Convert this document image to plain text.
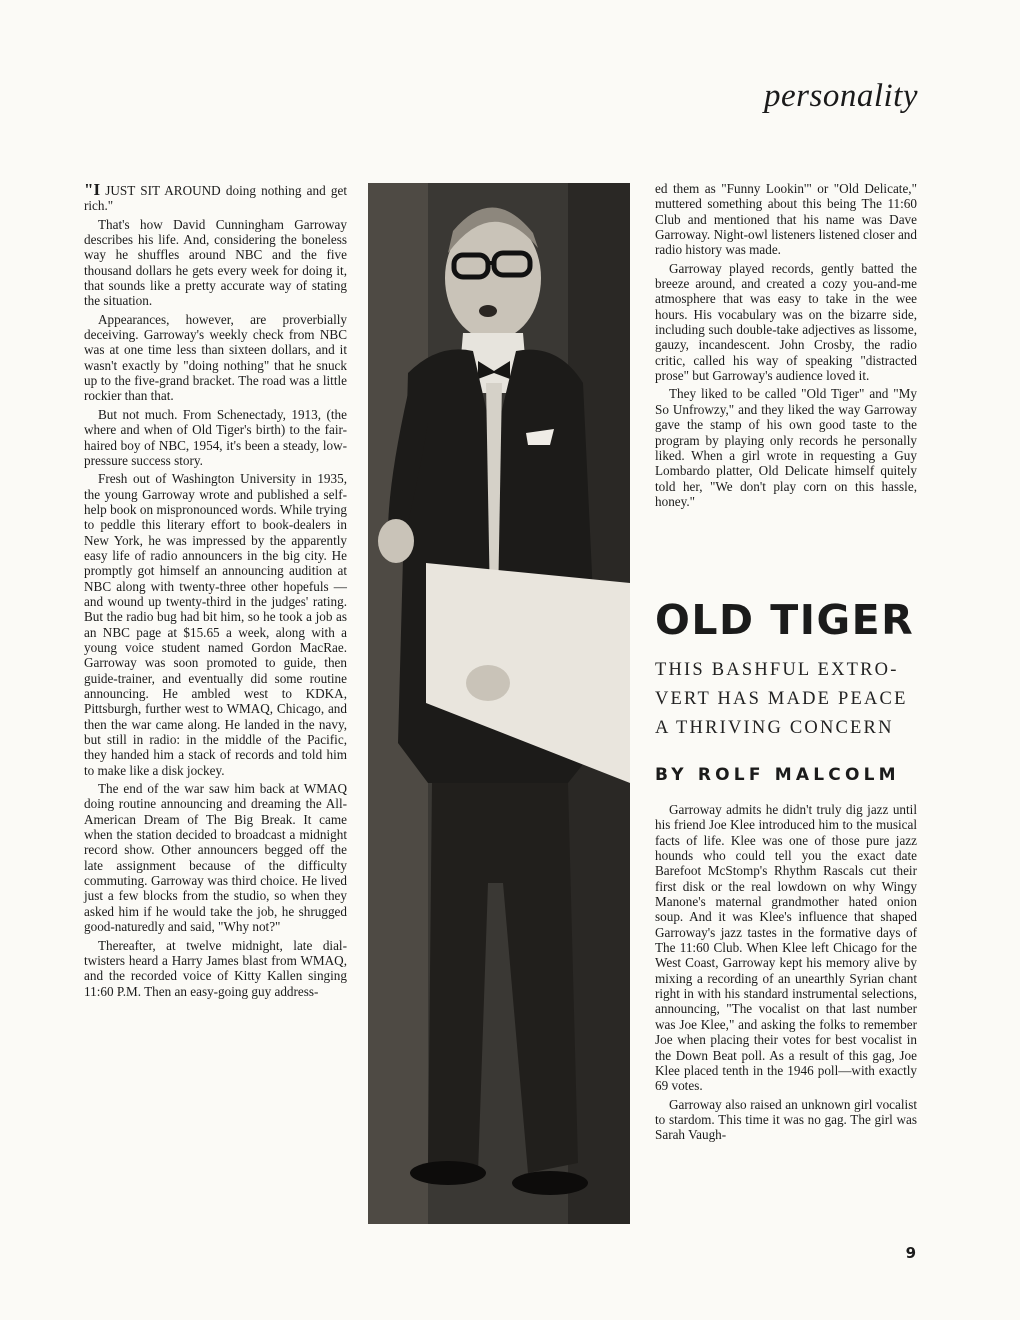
personality

"I JUST SIT AROUND doing nothing and get rich."

That's how David Cunningham Garroway describes his life. And, considering the boneless way he shuffles around NBC and the five thousand dollars he gets every week for doing it, that sounds like a pretty accurate way of stating the situation.

Appearances, however, are proverbially deceiving. Garroway's weekly check from NBC was at one time less than sixteen dollars, and it wasn't exactly by "doing nothing" that he snuck up to the five-grand bracket. The road was a little rockier than that.

But not much. From Schenectady, 1913, (the where and when of Old Tiger's birth) to the fair-haired boy of NBC, 1954, it's been a steady, low-pressure success story.

Fresh out of Washington University in 1935, the young Garroway wrote and published a self-help book on mispronounced words. While trying to peddle this literary effort to book-dealers in New York, he was impressed by the apparently easy life of radio announcers in the big city. He promptly got himself an announcing audition at NBC along with twenty-three other hopefuls — and wound up twenty-third in the judges' rating. But the radio bug had bit him, so he took a job as an NBC page at $15.65 a week, along with a young voice student named Gordon MacRae. Garroway was soon promoted to guide, then guide-trainer, and eventually did some routine announcing. He ambled west to KDKA, Pittsburgh, further west to WMAQ, Chicago, and then the war came along. He landed in the navy, but still in radio: in the middle of the Pacific, they handed him a stack of records and told him to make like a disk jockey.

The end of the war saw him back at WMAQ doing routine announcing and dreaming the All-American Dream of The Big Break. It came when the station decided to broadcast a midnight record show. Other announcers begged off the late assignment because of the difficulty commuting. Garroway was third choice. He lived just a few blocks from the studio, so when they asked him if he would take the job, he shrugged good-naturedly and said, "Why not?"

Thereafter, at twelve midnight, late dial-twisters heard a Harry James blast from WMAQ, and the recorded voice of Kitty Kallen singing 11:60 P.M. Then an easy-going guy address-

ed them as "Funny Lookin'" or "Old Delicate," muttered something about this being The 11:60 Club and mentioned that his name was Dave Garroway. Night-owl listeners listened closer and radio history was made.

Garroway played records, gently batted the breeze around, and created a cozy you-and-me atmosphere that was easy to take in the wee hours. His vocabulary was on the bizarre side, including such double-take adjectives as lissome, gauzy, incandescent. John Crosby, the radio critic, called his way of speaking "distracted prose" but Garroway's audience loved it.

They liked to be called "Old Tiger" and "My So Unfrowzy," and they liked the way Garroway gave the stamp of his own good taste to the program by playing only records he personally liked. When a girl wrote in requesting a Guy Lombardo platter, Old Delicate himself quitely told her, "We don't play corn on this hassle, honey."

OLD TIGER
THIS BASHFUL EXTRO-
VERT HAS MADE PEACE
A THRIVING CONCERN
BY ROLF MALCOLM

Garroway admits he didn't truly dig jazz until his friend Joe Klee introduced him to the musical facts of life. Klee was one of those pure jazz hounds who could tell you the exact date Barefoot McStomp's Rhythm Rascals cut their first disk or the real lowdown on why Wingy Manone's maternal grandmother hated onion soup. And it was Klee's influence that shaped Garroway's jazz tastes in the formative days of The 11:60 Club. When Klee left Chicago for the West Coast, Garroway kept his memory alive by mixing a recording of an unearthly Syrian chant right in with his standard instrumental selections, announcing, "The vocalist on that last number was Joe Klee," and asking the folks to remember Joe when placing their votes for best vocalist in the Down Beat poll. As a result of this gag, Joe Klee placed tenth in the 1946 poll—with exactly 69 votes.

Garroway also raised an unknown girl vocalist to stardom. This time it was no gag. The girl was Sarah Vaugh-

9
